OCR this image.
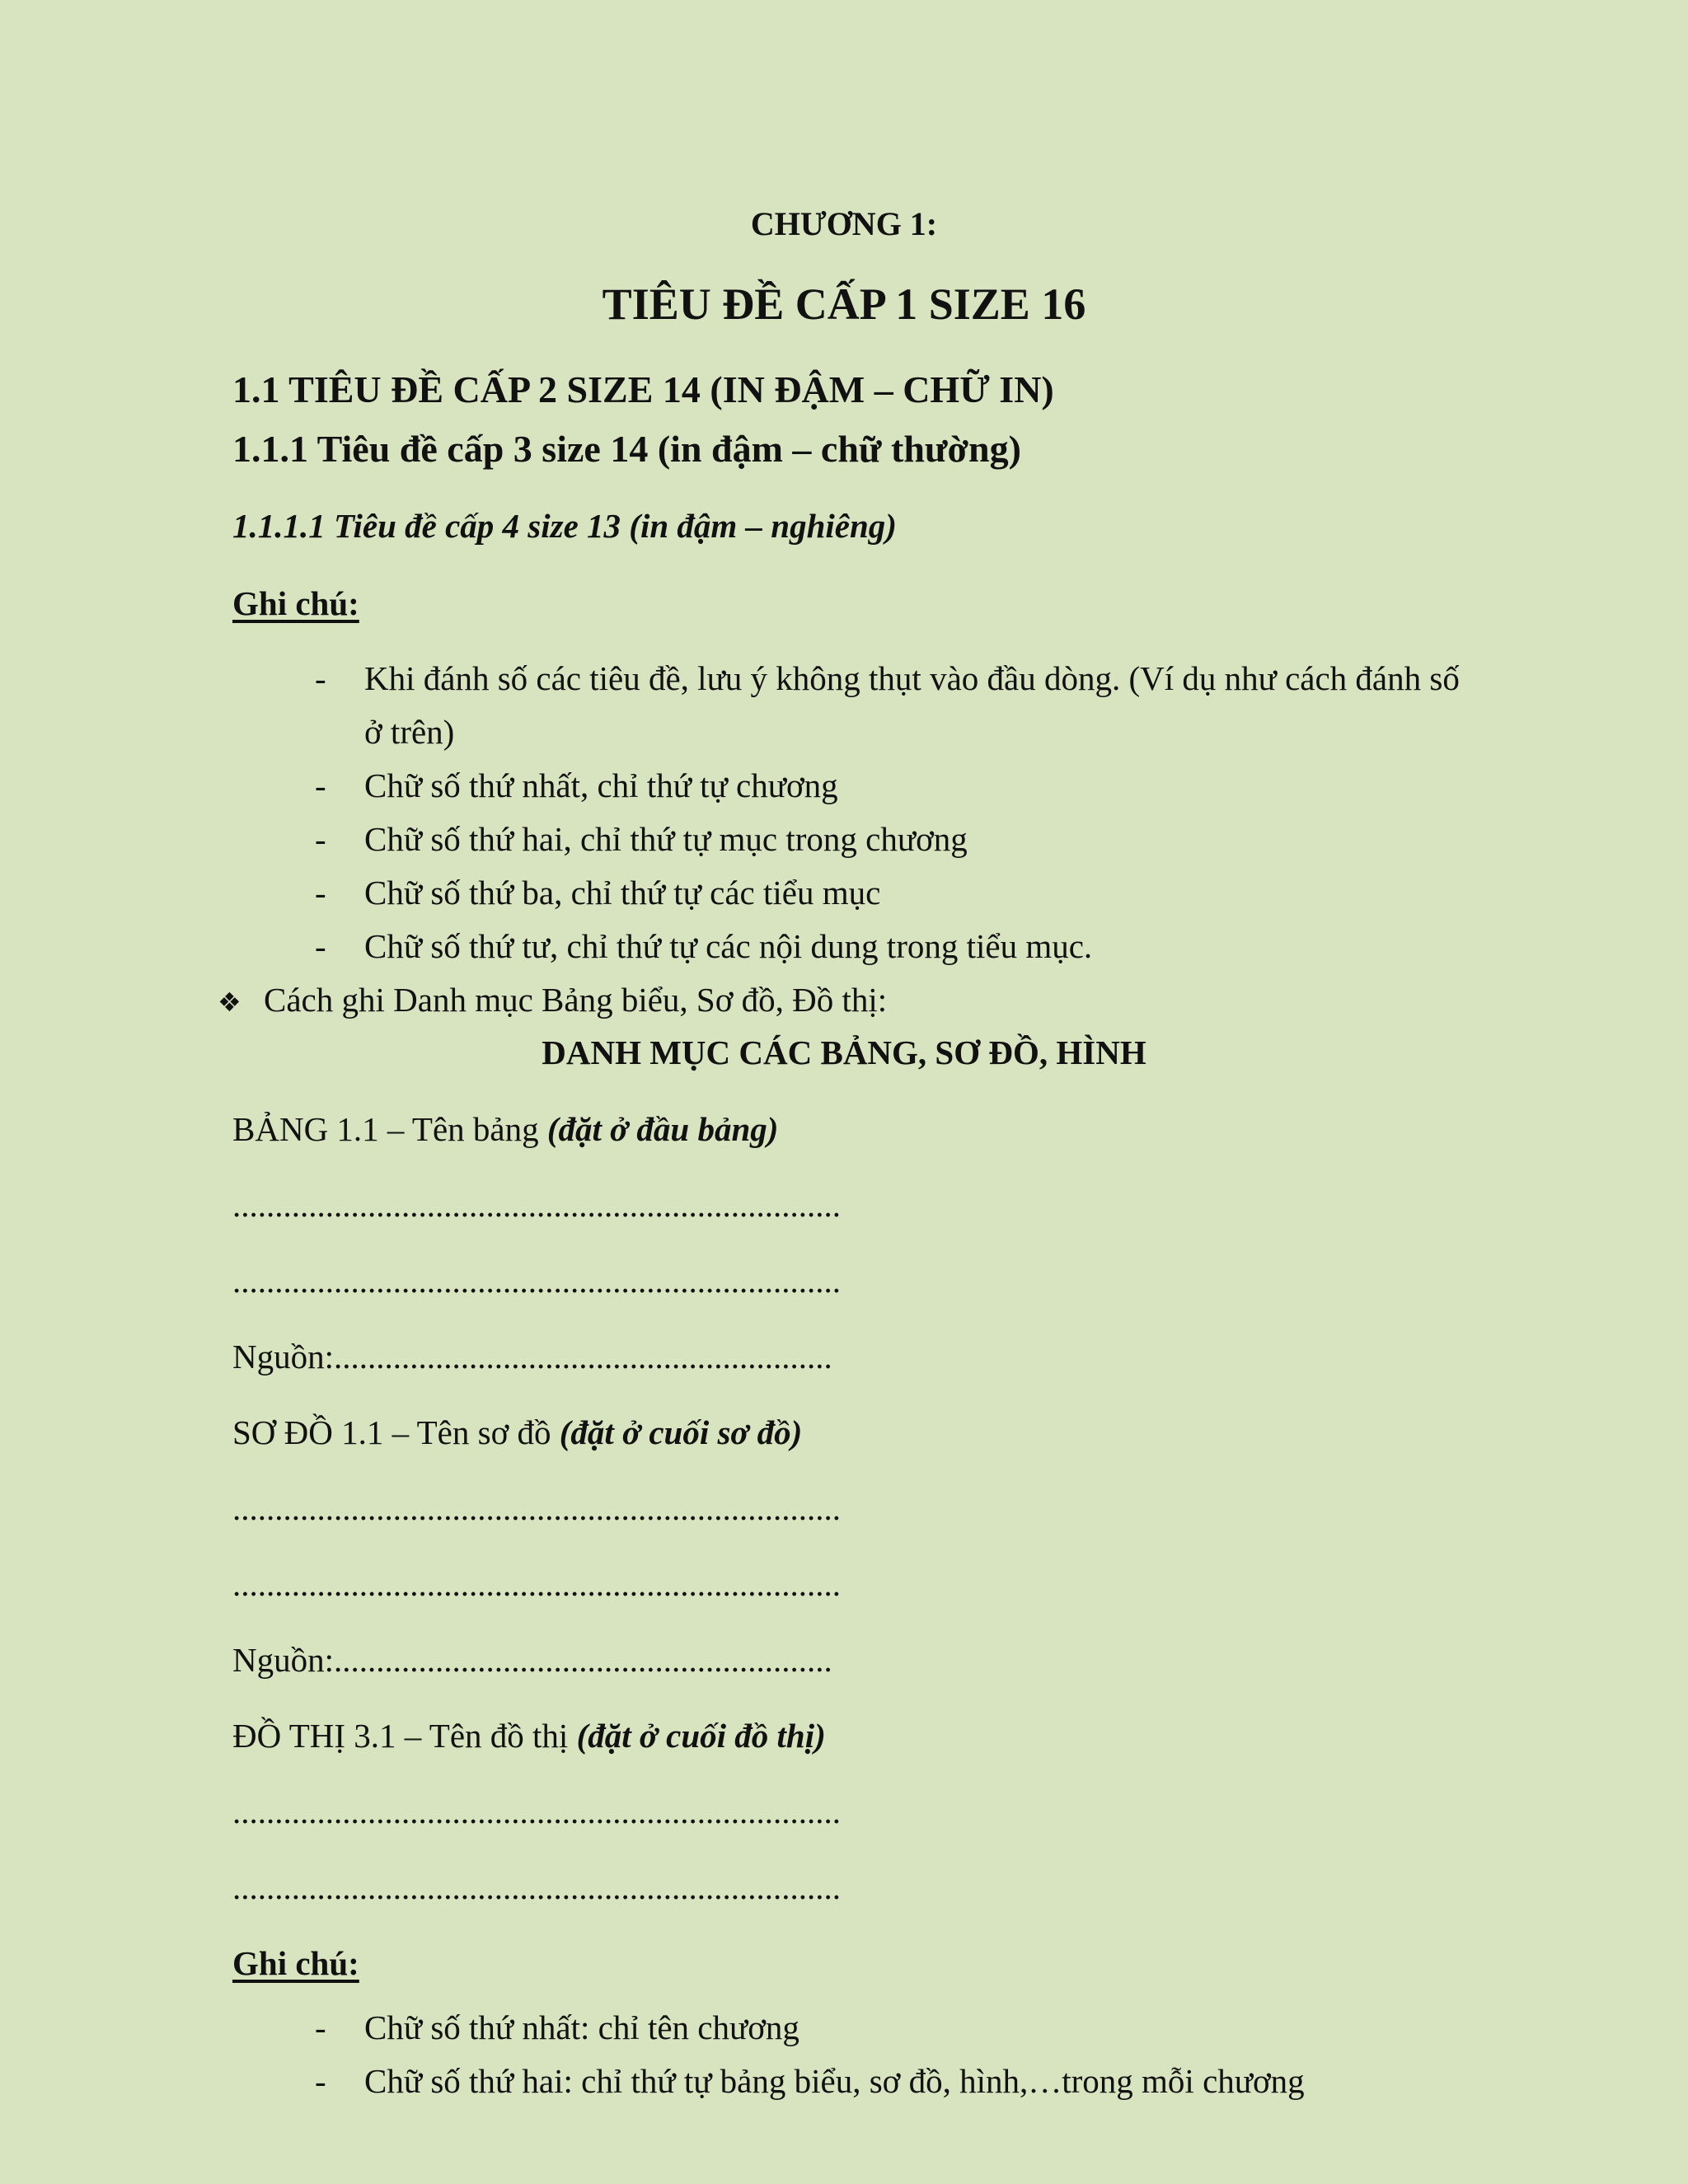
CHƯƠNG 1:
TIÊU ĐỀ CẤP 1 SIZE 16
1.1 TIÊU ĐỀ CẤP 2 SIZE 14 (IN ĐẬM – CHỮ IN)
1.1.1 Tiêu đề cấp 3 size 14 (in đậm – chữ thường)
1.1.1.1 Tiêu đề cấp 4 size 13 (in đậm – nghiêng)
Ghi chú:
- Khi đánh số các tiêu đề, lưu ý không thụt vào đầu dòng. (Ví dụ như cách đánh số
ở trên)
- Chữ số thứ nhất, chỉ thứ tự chương
- Chữ số thứ hai, chỉ thứ tự mục trong chương
- Chữ số thứ ba, chỉ thứ tự các tiểu mục
- Chữ số thứ tư, chỉ thứ tự các nội dung trong tiểu mục.
❖ Cách ghi Danh mục Bảng biểu, Sơ đồ, Đồ thị:
DANH MỤC CÁC BẢNG, SƠ ĐỒ, HÌNH
BẢNG 1.1 – Tên bảng (đặt ở đầu bảng)
........................................................................
........................................................................
Nguồn:...........................................................
SƠ ĐỒ 1.1 – Tên sơ đồ (đặt ở cuối sơ đồ)
........................................................................
........................................................................
Nguồn:...........................................................
ĐỒ THỊ 3.1 – Tên đồ thị (đặt ở cuối đồ thị)
........................................................................
........................................................................
Ghi chú:
- Chữ số thứ nhất: chỉ tên chương
- Chữ số thứ hai: chỉ thứ tự bảng biểu, sơ đồ, hình,…trong mỗi chương
